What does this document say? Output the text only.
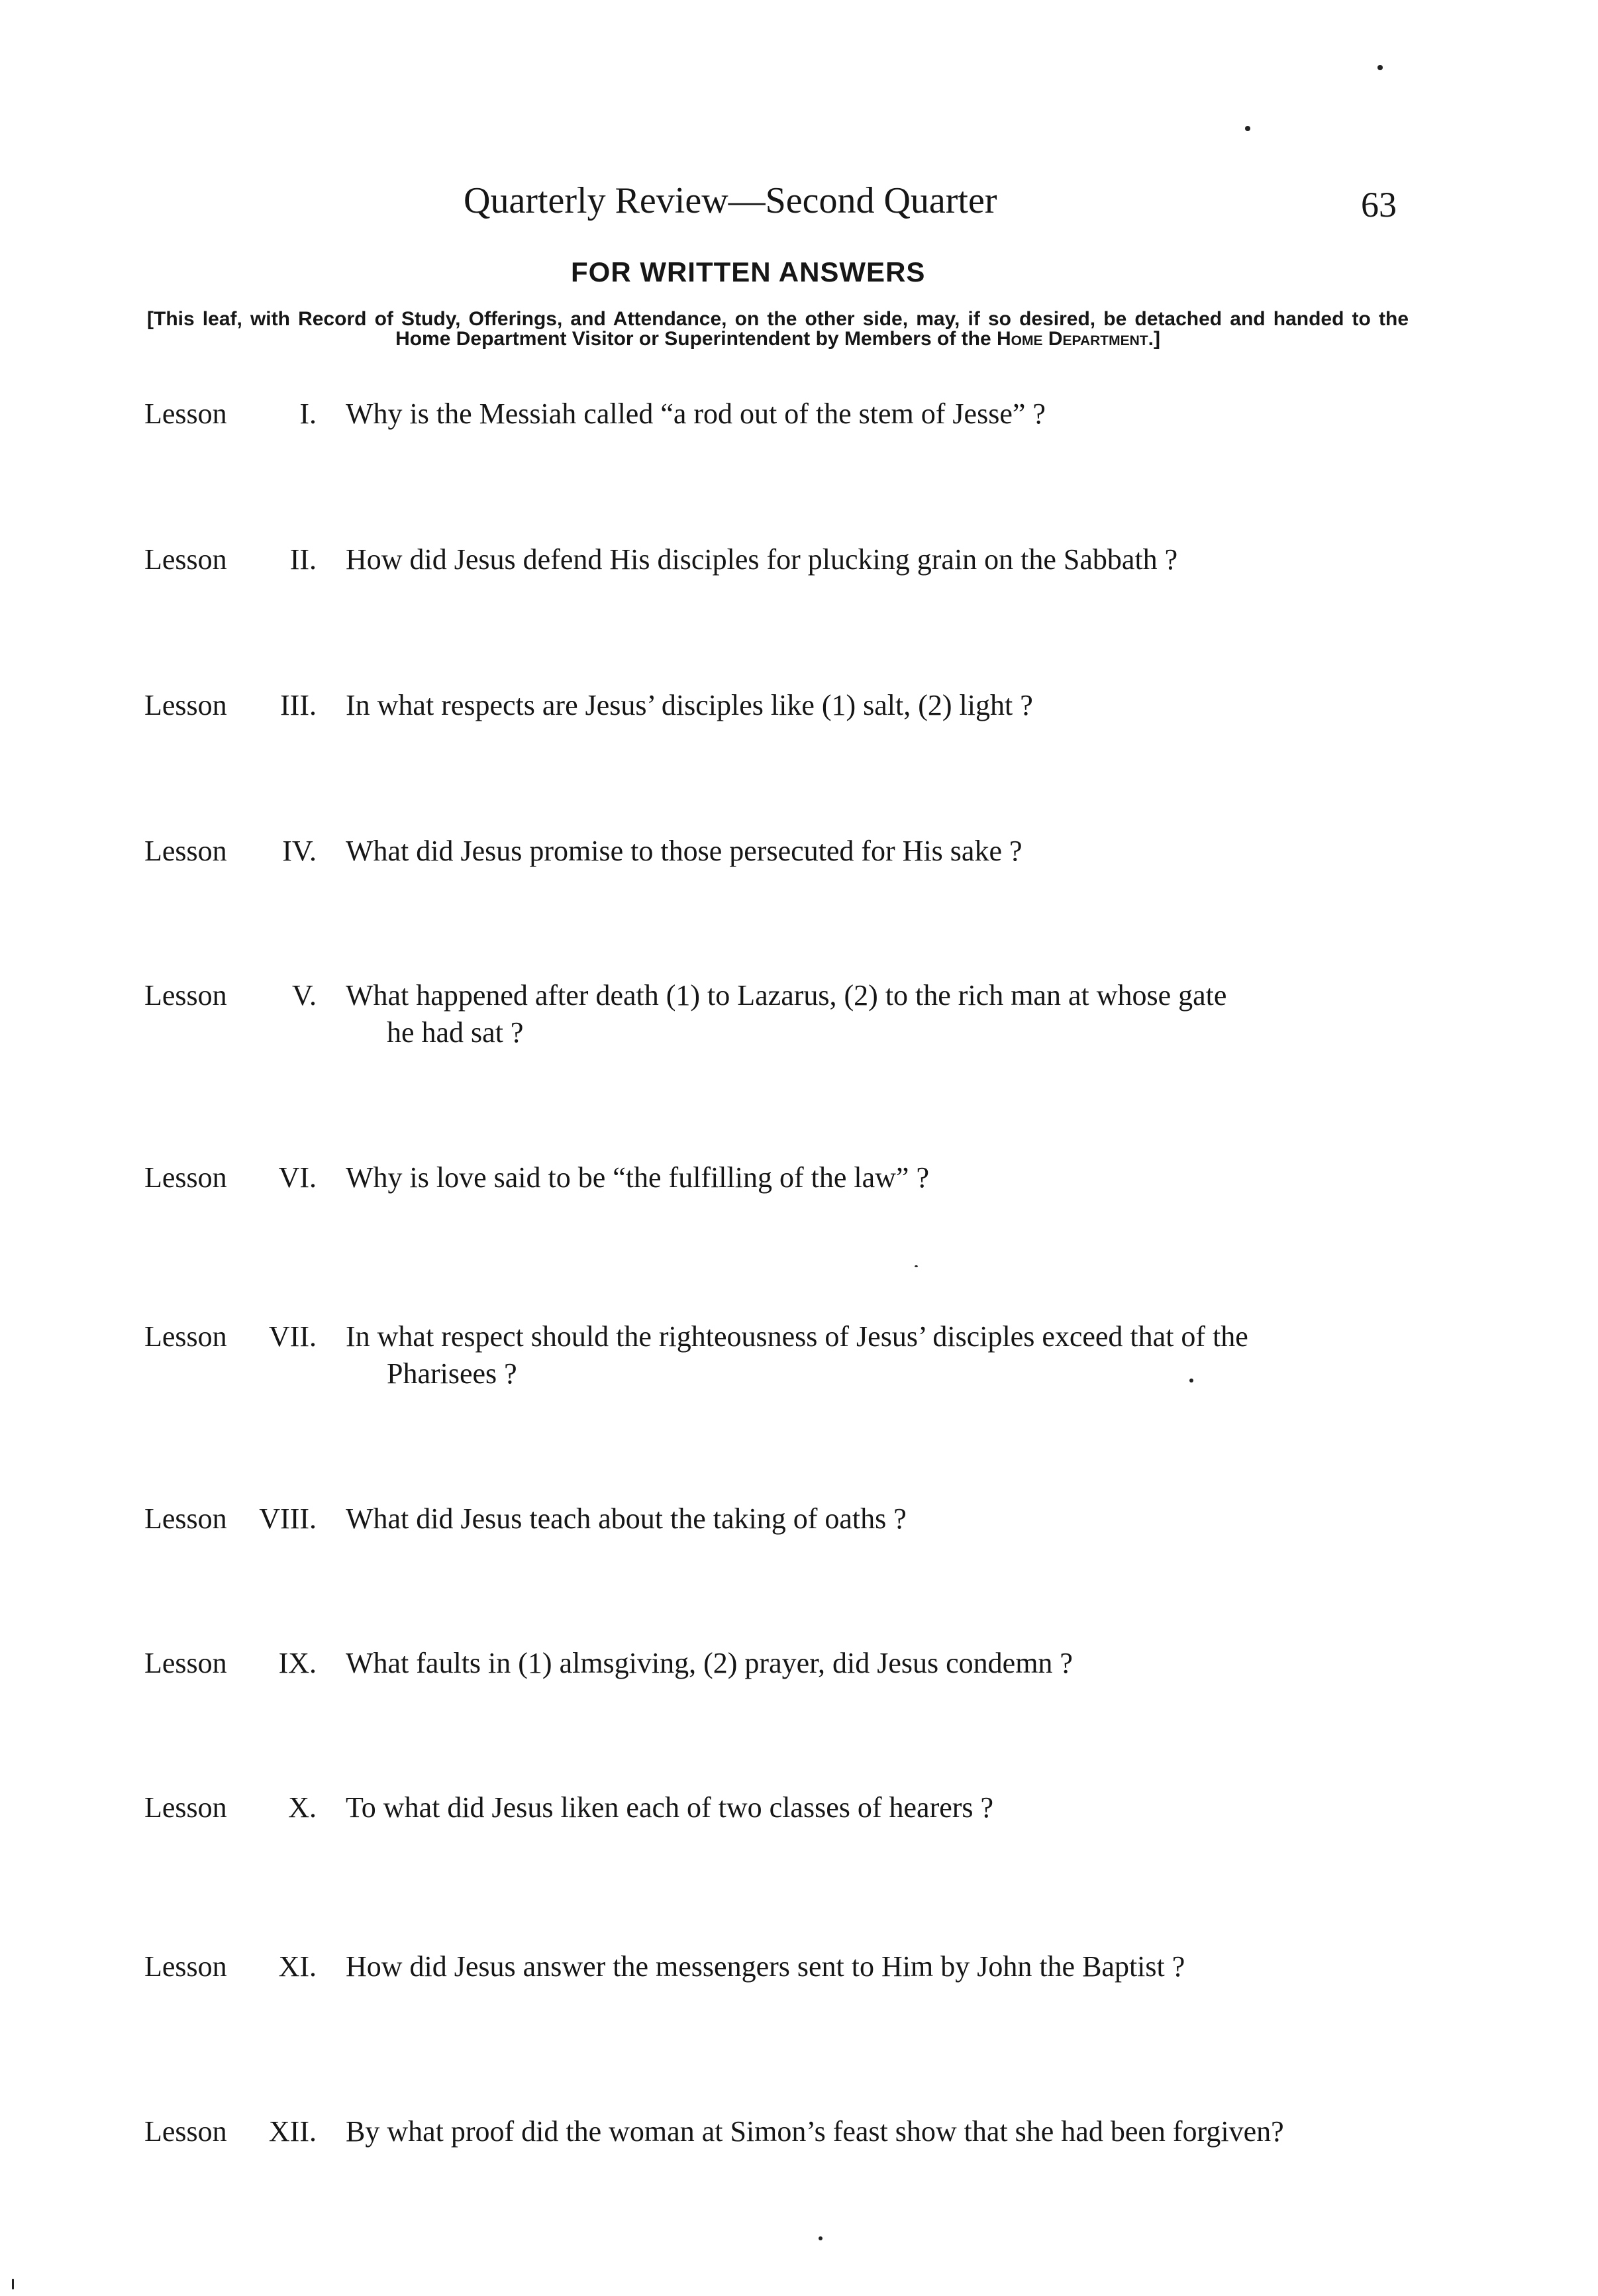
Quarterly Review—Second Quarter	63
FOR WRITTEN ANSWERS
[This leaf, with Record of Study, Offerings, and Attendance, on the other side, may, if so desired, be detached and handed to the Home Department Visitor or Superintendent by Members of the Home Department.]
Lesson I. Why is the Messiah called “a rod out of the stem of Jesse” ?
Lesson II. How did Jesus defend His disciples for plucking grain on the Sabbath ?
Lesson III. In what respects are Jesus’ disciples like (1) salt, (2) light ?
Lesson IV. What did Jesus promise to those persecuted for His sake ?
Lesson V. What happened after death (1) to Lazarus, (2) to the rich man at whose gate
he had sat ?
Lesson VI. Why is love said to be “the fulfilling of the law” ?
Lesson VII. In what respect should the righteousness of Jesus’ disciples exceed that of the
Pharisees ?
Lesson VIII. What did Jesus teach about the taking of oaths ?
Lesson IX. What faults in (1) almsgiving, (2) prayer, did Jesus condemn ?
Lesson X. To what did Jesus liken each of two classes of hearers ?
Lesson XI. How did Jesus answer the messengers sent to Him by John the Baptist ?
Lesson XII. By what proof did the woman at Simon’s feast show that she had been forgiven?
